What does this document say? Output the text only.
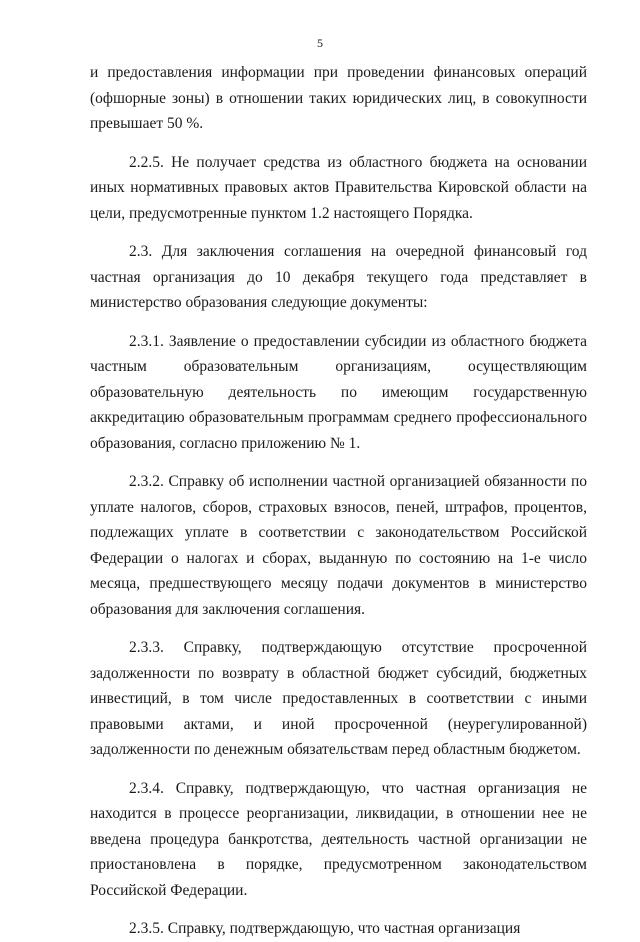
5

и предоставления информации при проведении финансовых операций (офшорные зоны) в отношении таких юридических лиц, в совокупности превышает 50 %.

2.2.5. Не получает средства из областного бюджета на основании иных нормативных правовых актов Правительства Кировской области на цели, предусмотренные пунктом 1.2 настоящего Порядка.

2.3. Для заключения соглашения на очередной финансовый год частная организация до 10 декабря текущего года представляет в министерство образования следующие документы:

2.3.1. Заявление о предоставлении субсидии из областного бюджета частным образовательным организациям, осуществляющим образовательную деятельность по имеющим государственную аккредитацию образовательным программам среднего профессионального образования, согласно приложению № 1.

2.3.2. Справку об исполнении частной организацией обязанности по уплате налогов, сборов, страховых взносов, пеней, штрафов, процентов, подлежащих уплате в соответствии с законодательством Российской Федерации о налогах и сборах, выданную по состоянию на 1-е число месяца, предшествующего месяцу подачи документов в министерство образования для заключения соглашения.

2.3.3. Справку, подтверждающую отсутствие просроченной задолженности по возврату в областной бюджет субсидий, бюджетных инвестиций, в том числе предоставленных в соответствии с иными правовыми актами, и иной просроченной (неурегулированной) задолженности по денежным обязательствам перед областным бюджетом.

2.3.4. Справку, подтверждающую, что частная организация не находится в процессе реорганизации, ликвидации, в отношении нее не введена процедура банкротства, деятельность частной организации не приостановлена в порядке, предусмотренном законодательством Российской Федерации.

2.3.5. Справку, подтверждающую, что частная организация
